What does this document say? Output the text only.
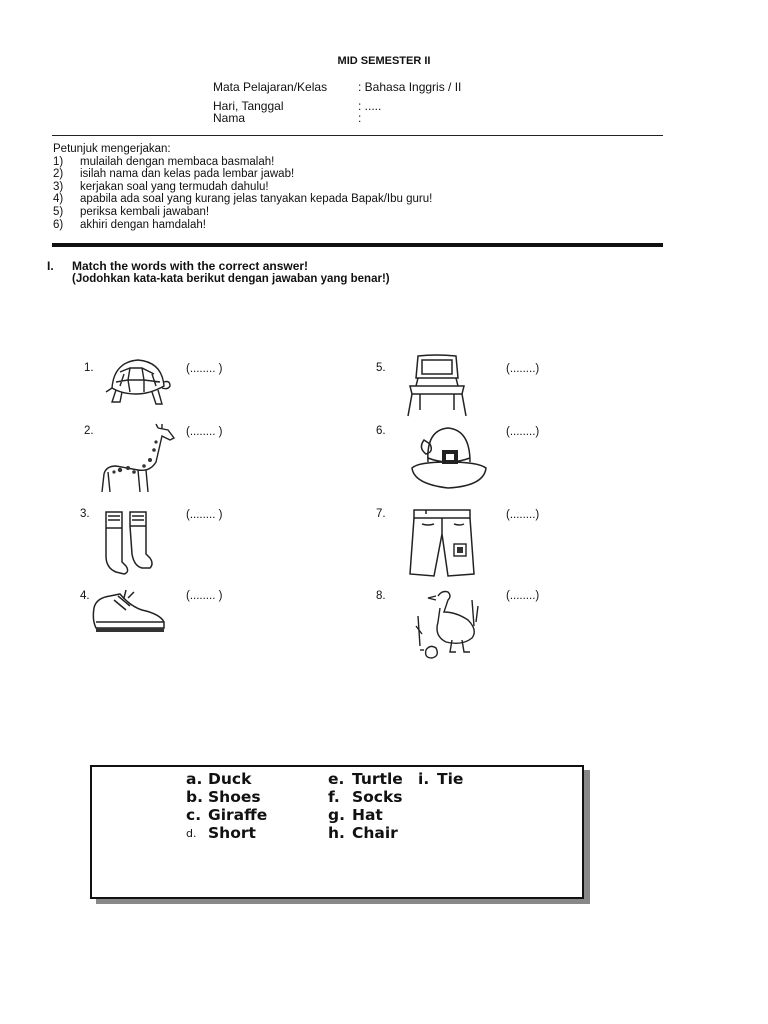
MID SEMESTER II
Mata Pelajaran/Kelas	: Bahasa Inggris / II
Hari, Tanggal	: .....
Nama	:
Petunjuk mengerjakan:
1)	mulailah dengan membaca basmalah!
2)	isilah nama dan kelas pada lembar jawab!
3)	kerjakan soal yang termudah dahulu!
4)	apabila ada soal yang kurang jelas tanyakan kepada Bapak/Ibu guru!
5)	periksa kembali jawaban!
6)	akhiri dengan hamdalah!
I. Match the words with the correct answer!
(Jodohkan kata-kata berikut dengan jawaban yang benar!)
1.	(........ )
2.	(........ )
3.	(........ )
4.	(........ )
5.	(........)
6.	(........)
7.	(........)
8.	(........)
a. Duck
b. Shoes
c. Giraffe
d. Short
e. Turtle
f. Socks
g. Hat
h. Chair
i. Tie
